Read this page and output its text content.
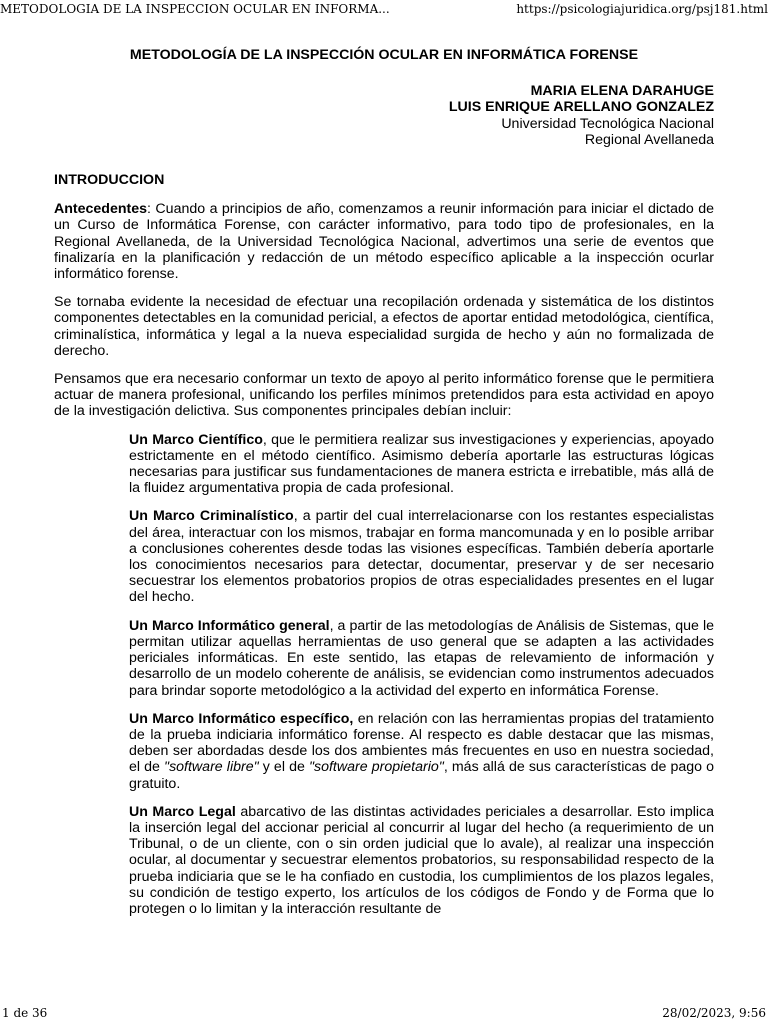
METODOLOGIA DE LA INSPECCION OCULAR EN INFORMA...	https://psicologiajuridica.org/psj181.html
METODOLOGÍA DE LA INSPECCIÓN OCULAR EN INFORMÁTICA FORENSE
MARIA ELENA DARAHUGE
LUIS ENRIQUE ARELLANO GONZALEZ
Universidad Tecnológica Nacional
Regional Avellaneda
INTRODUCCION

Antecedentes: Cuando a principios de año, comenzamos a reunir información para iniciar el dictado de un Curso de Informática Forense, con carácter informativo, para todo tipo de profesionales, en la Regional Avellaneda, de la Universidad Tecnológica Nacional, advertimos una serie de eventos que finalizaría en la planificación y redacción de un método específico aplicable a la inspección ocurlar informático forense.

Se tornaba evidente la necesidad de efectuar una recopilación ordenada y sistemática de los distintos componentes detectables en la comunidad pericial, a efectos de aportar entidad metodológica, científica, criminalística, informática y legal a la nueva especialidad surgida de hecho y aún no formalizada de derecho.

Pensamos que era necesario conformar un texto de apoyo al perito informático forense que le permitiera actuar de manera profesional, unificando los perfiles mínimos pretendidos para esta actividad en apoyo de la investigación delictiva. Sus componentes principales debían incluir:

Un Marco Científico, que le permitiera realizar sus investigaciones y experiencias, apoyado estrictamente en el método científico. Asimismo debería aportarle las estructuras lógicas necesarias para justificar sus fundamentaciones de manera estricta e irrebatible, más allá de la fluidez argumentativa propia de cada profesional.

Un Marco Criminalístico, a partir del cual interrelacionarse con los restantes especialistas del área, interactuar con los mismos, trabajar en forma mancomunada y en lo posible arribar a conclusiones coherentes desde todas las visiones específicas. También debería aportarle los conocimientos necesarios para detectar, documentar, preservar y de ser necesario secuestrar los elementos probatorios propios de otras especialidades presentes en el lugar del hecho.

Un Marco Informático general, a partir de las metodologías de Análisis de Sistemas, que le permitan utilizar aquellas herramientas de uso general que se adapten a las actividades periciales informáticas. En este sentido, las etapas de relevamiento de información y desarrollo de un modelo coherente de análisis, se evidencian como instrumentos adecuados para brindar soporte metodológico a la actividad del experto en informática Forense.

Un Marco Informático específico, en relación con las herramientas propias del tratamiento de la prueba indiciaria informático forense. Al respecto es dable destacar que las mismas, deben ser abordadas desde los dos ambientes más frecuentes en uso en nuestra sociedad, el de "software libre" y el de "software propietario", más allá de sus características de pago o gratuito.

Un Marco Legal abarcativo de las distintas actividades periciales a desarrollar. Esto implica la inserción legal del accionar pericial al concurrir al lugar del hecho (a requerimiento de un Tribunal, o de un cliente, con o sin orden judicial que lo avale), al realizar una inspección ocular, al documentar y secuestrar elementos probatorios, su responsabilidad respecto de la prueba indiciaria que se le ha confiado en custodia, los cumplimientos de los plazos legales, su condición de testigo experto, los artículos de los códigos de Fondo y de Forma que lo protegen o lo limitan y la interacción resultante de

1 de 36	28/02/2023, 9:56
